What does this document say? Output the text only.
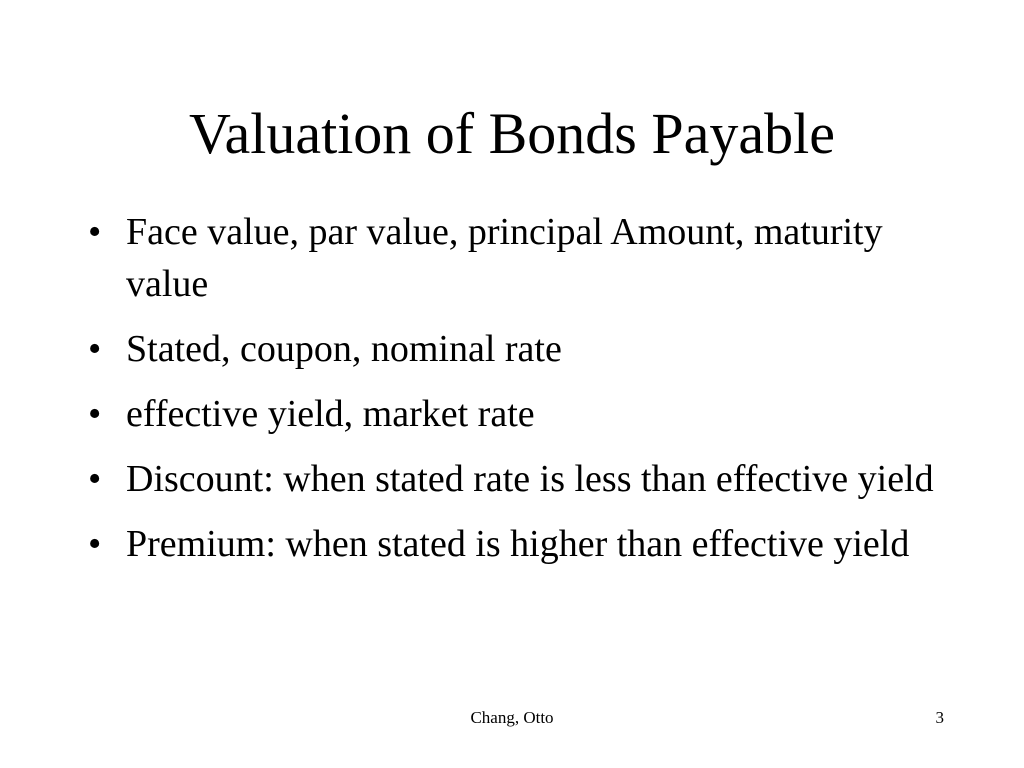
Valuation of Bonds Payable
• Face value, par value, principal Amount, maturity value
• Stated, coupon, nominal rate
• effective yield, market rate
• Discount: when stated rate is less than effective yield
• Premium: when stated is higher than effective yield
Chang, Otto	3
